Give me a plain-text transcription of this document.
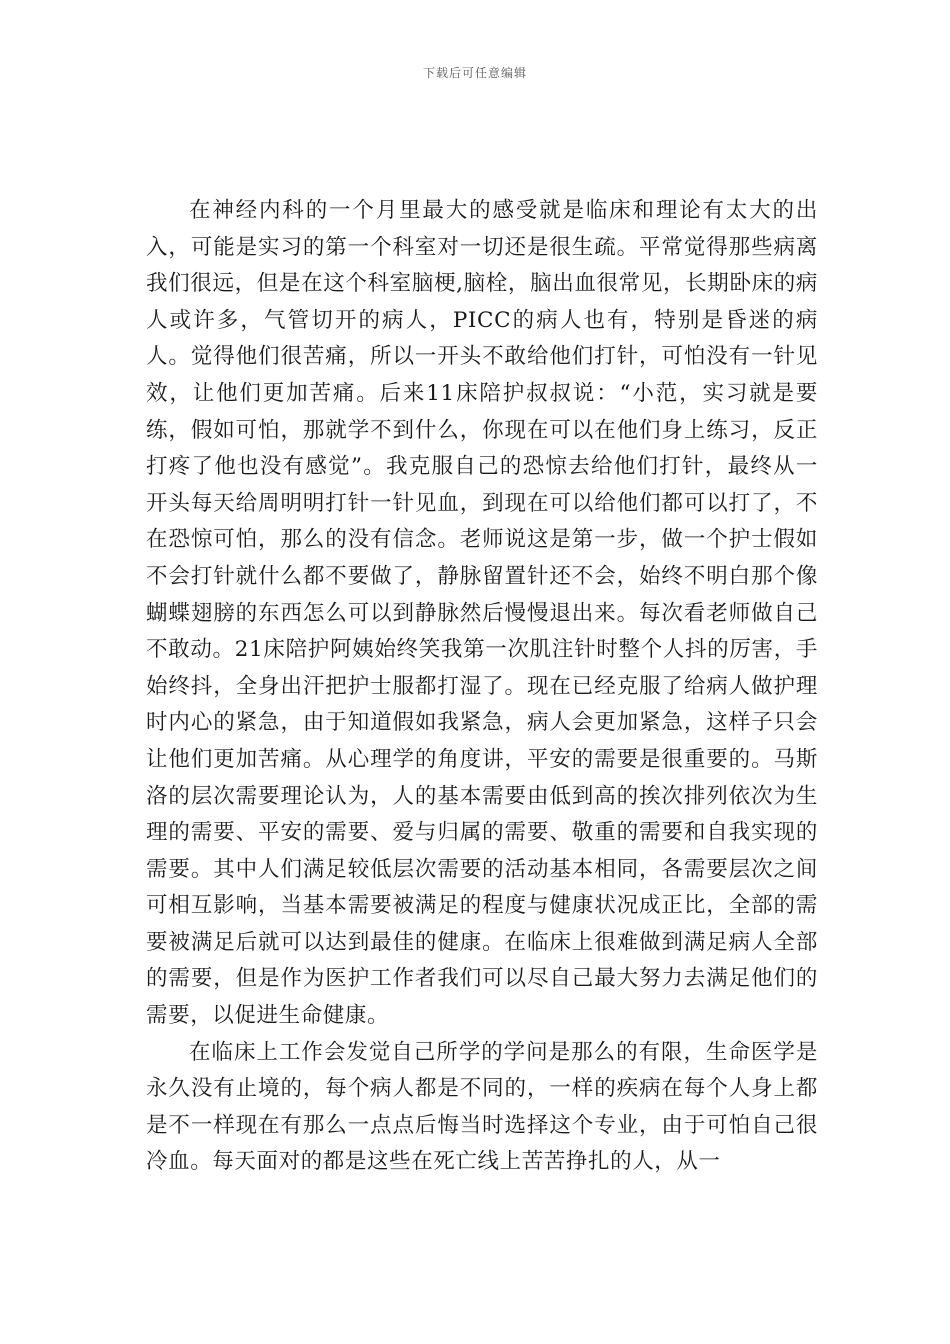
下载后可任意编辑

在神经内科的一个月里最大的感受就是临床和理论有太大的出入，可能是实习的第一个科室对一切还是很生疏。平常觉得那些病离我们很远，但是在这个科室脑梗,脑栓，脑出血很常见，长期卧床的病人或许多，气管切开的病人，PICC的病人也有，特别是昏迷的病人。觉得他们很苦痛，所以一开头不敢给他们打针，可怕没有一针见效，让他们更加苦痛。后来11床陪护叔叔说：“小范，实习就是要练，假如可怕，那就学不到什么，你现在可以在他们身上练习，反正打疼了他也没有感觉”。我克服自己的恐惊去给他们打针，最终从一开头每天给周明明打针一针见血，到现在可以给他们都可以打了，不在恐惊可怕，那么的没有信念。老师说这是第一步，做一个护士假如不会打针就什么都不要做了，静脉留置针还不会，始终不明白那个像蝴蝶翅膀的东西怎么可以到静脉然后慢慢退出来。每次看老师做自己不敢动。21床陪护阿姨始终笑我第一次肌注针时整个人抖的厉害，手始终抖，全身出汗把护士服都打湿了。现在已经克服了给病人做护理时内心的紧急，由于知道假如我紧急，病人会更加紧急，这样子只会让他们更加苦痛。从心理学的角度讲，平安的需要是很重要的。马斯洛的层次需要理论认为，人的基本需要由低到高的挨次排列依次为生理的需要、平安的需要、爱与归属的需要、敬重的需要和自我实现的需要。其中人们满足较低层次需要的活动基本相同，各需要层次之间可相互影响，当基本需要被满足的程度与健康状况成正比，全部的需要被满足后就可以达到最佳的健康。在临床上很难做到满足病人全部的需要，但是作为医护工作者我们可以尽自己最大努力去满足他们的需要，以促进生命健康。

在临床上工作会发觉自己所学的学问是那么的有限，生命医学是永久没有止境的，每个病人都是不同的，一样的疾病在每个人身上都是不一样现在有那么一点点后悔当时选择这个专业，由于可怕自己很冷血。每天面对的都是这些在死亡线上苦苦挣扎的人，从一
